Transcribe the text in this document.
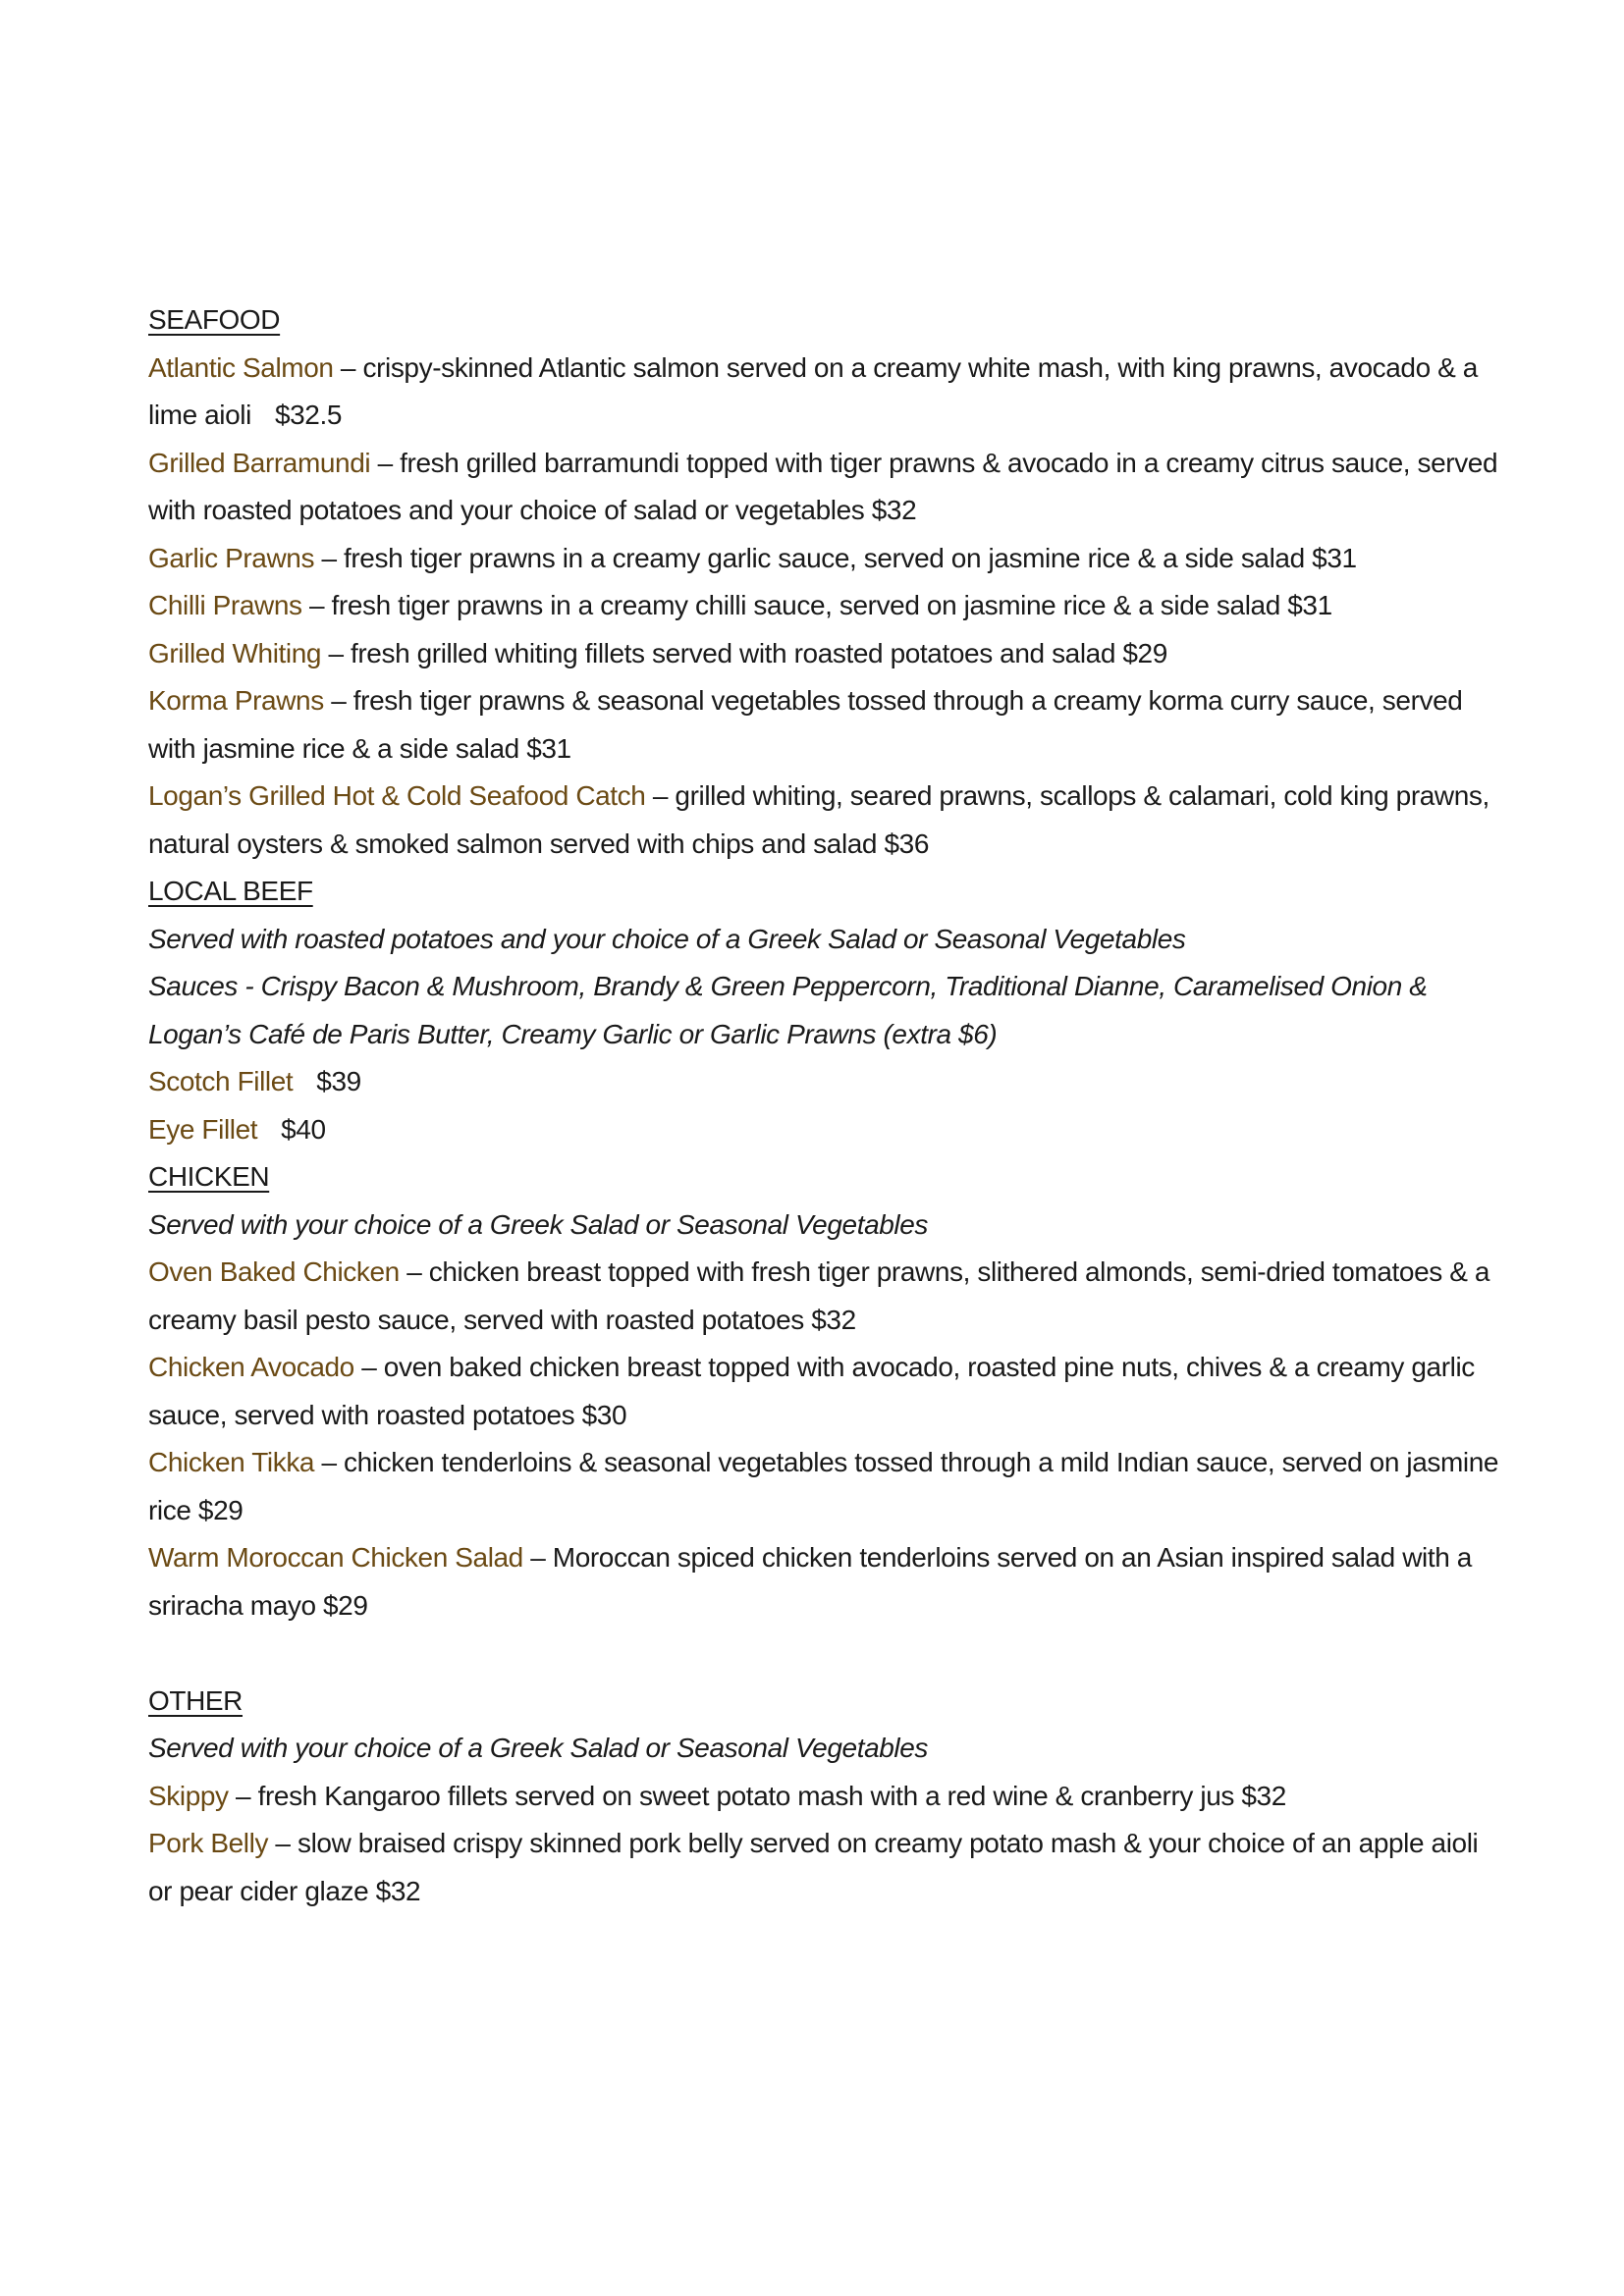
SEAFOOD
Atlantic Salmon – crispy-skinned Atlantic salmon served on a creamy white mash, with king prawns, avocado & a lime aioli $32.5
Grilled Barramundi – fresh grilled barramundi topped with tiger prawns & avocado in a creamy citrus sauce, served with roasted potatoes and your choice of salad or vegetables $32
Garlic Prawns – fresh tiger prawns in a creamy garlic sauce, served on jasmine rice & a side salad $31
Chilli Prawns – fresh tiger prawns in a creamy chilli sauce, served on jasmine rice & a side salad $31
Grilled Whiting – fresh grilled whiting fillets served with roasted potatoes and salad $29
Korma Prawns – fresh tiger prawns & seasonal vegetables tossed through a creamy korma curry sauce, served with jasmine rice & a side salad $31
Logan’s Grilled Hot & Cold Seafood Catch – grilled whiting, seared prawns, scallops & calamari, cold king prawns, natural oysters & smoked salmon served with chips and salad $36
LOCAL BEEF
Served with roasted potatoes and your choice of a Greek Salad or Seasonal Vegetables
Sauces - Crispy Bacon & Mushroom, Brandy & Green Peppercorn, Traditional Dianne, Caramelised Onion & Logan’s Café de Paris Butter, Creamy Garlic or Garlic Prawns (extra $6)
Scotch Fillet $39
Eye Fillet $40
CHICKEN
Served with your choice of a Greek Salad or Seasonal Vegetables
Oven Baked Chicken – chicken breast topped with fresh tiger prawns, slithered almonds, semi-dried tomatoes & a creamy basil pesto sauce, served with roasted potatoes $32
Chicken Avocado – oven baked chicken breast topped with avocado, roasted pine nuts, chives & a creamy garlic sauce, served with roasted potatoes $30
Chicken Tikka – chicken tenderloins & seasonal vegetables tossed through a mild Indian sauce, served on jasmine rice $29
Warm Moroccan Chicken Salad – Moroccan spiced chicken tenderloins served on an Asian inspired salad with a sriracha mayo $29
OTHER
Served with your choice of a Greek Salad or Seasonal Vegetables
Skippy – fresh Kangaroo fillets served on sweet potato mash with a red wine & cranberry jus $32
Pork Belly – slow braised crispy skinned pork belly served on creamy potato mash & your choice of an apple aioli or pear cider glaze $32
